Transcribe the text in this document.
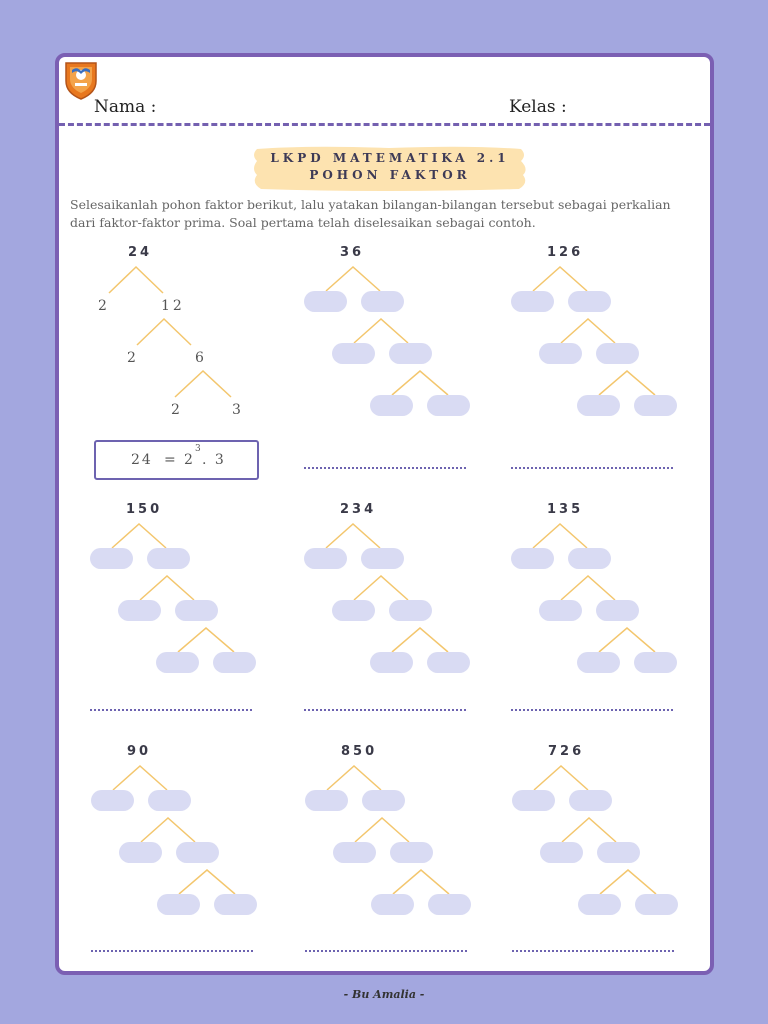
Nama :	Kelas :
LKPD MATEMATIKA 2.1
POHON FAKTOR
Selesaikanlah pohon faktor berikut, lalu yatakan bilangan-bilangan tersebut sebagai perkalian dari faktor-faktor prima. Soal pertama telah diselesaikan sebagai contoh.
24
2	12
2	6
2	3
24 = 2
3
. 3
36	126
150	234	135
90	850	726
- Bu Amalia -
